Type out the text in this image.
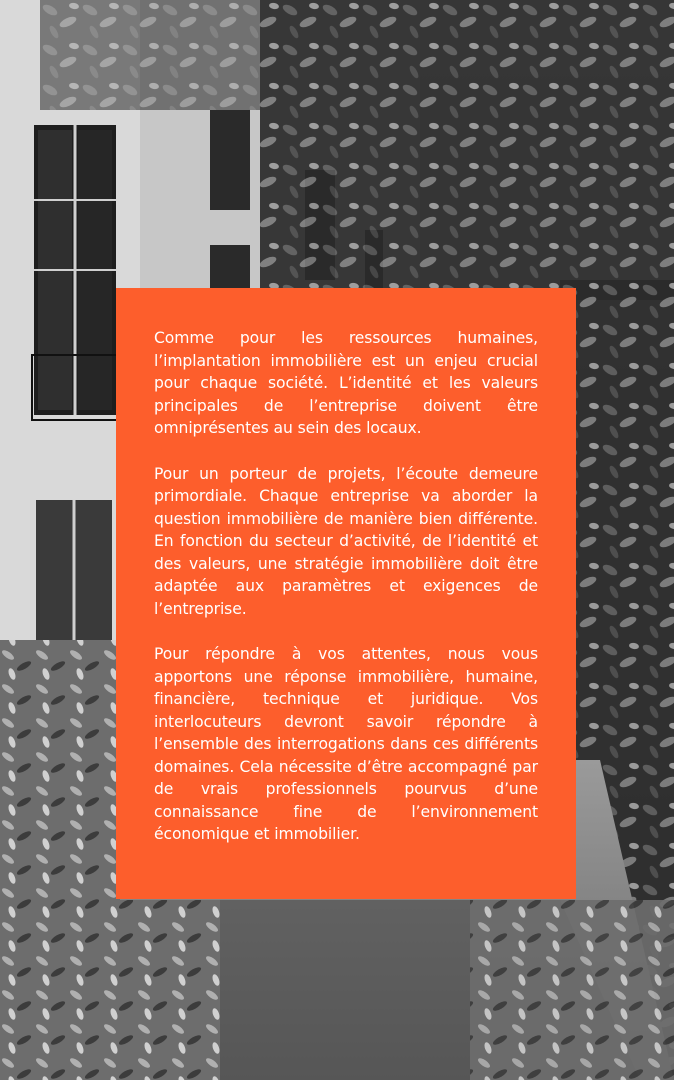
Comme pour les ressources humaines, l’implantation immobilière est un enjeu crucial pour chaque société. L’identité et les valeurs principales de l’entreprise doivent être omniprésentes au sein des locaux.

Pour un porteur de projets, l’écoute demeure primordiale. Chaque entreprise va aborder la question immobilière de manière bien différente. En fonction du secteur d’activité, de l’identité et des valeurs, une stratégie immobilière doit être adaptée aux paramètres et exigences de l’entreprise.

Pour répondre à vos attentes, nous vous apportons une réponse immobilière, humaine, financière, technique et juridique. Vos interlocuteurs devront savoir répondre à l’ensemble des interrogations dans ces différents domaines. Cela nécessite d’être accompagné par de vrais professionnels pourvus d’une connaissance fine de l’environnement économique et immobilier.
